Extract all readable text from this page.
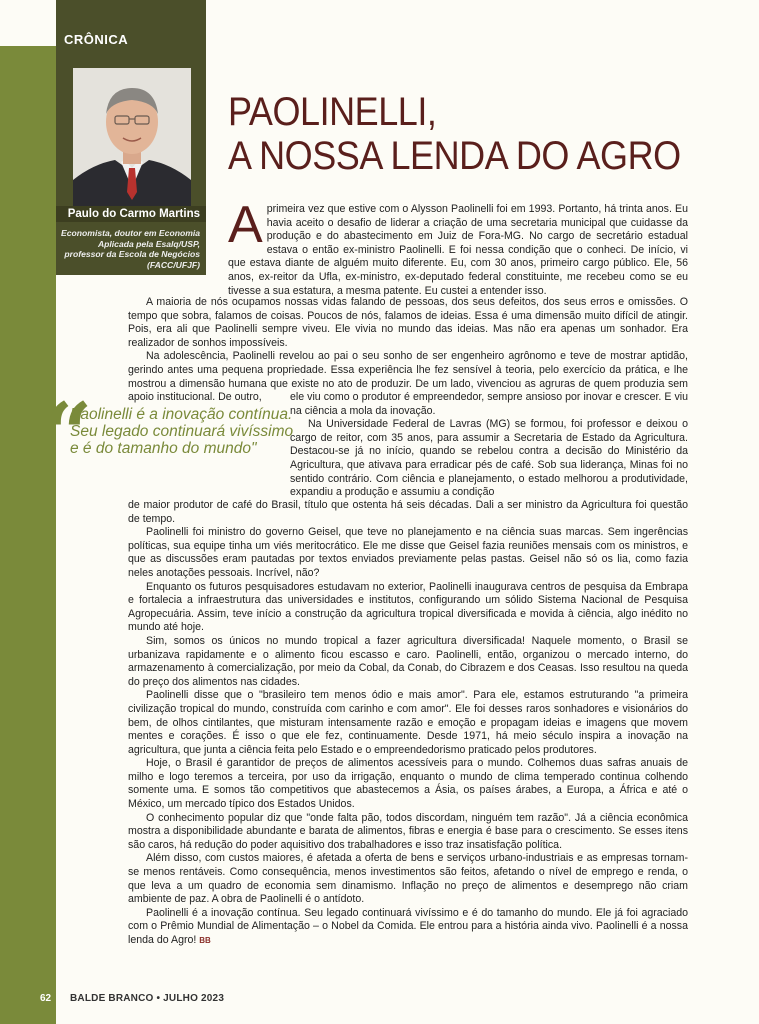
CRÔNICA
Paulo do Carmo Martins
Economista, doutor em Economia Aplicada pela Esalq/USP, professor da Escola de Negócios (FACC/UFJF)
PAOLINELLI,
A NOSSA LENDA DO AGRO

Aprimeira vez que estive com o Alysson Paolinelli foi em 1993. Portanto, há trinta anos. Eu havia aceito o desafio de liderar a criação de uma secretaria municipal que cuidasse da produção e do abastecimento em Juiz de Fora-MG. No cargo de secretário estadual estava o então ex-ministro Paolinelli. E foi nessa condição que o conheci. De início, vi que estava diante de alguém muito diferente. Eu, com 30 anos, primeiro cargo público. Ele, 56 anos, ex-reitor da Ufla, ex-ministro, ex-deputado federal constituinte, me recebeu como se eu tivesse a sua estatura, a mesma patente. Eu custei a entender isso.

A maioria de nós ocupamos nossas vidas falando de pessoas, dos seus defeitos, dos seus erros e omissões. O tempo que sobra, falamos de coisas. Poucos de nós, falamos de ideias. Essa é uma dimensão muito difícil de atingir. Pois, era ali que Paolinelli sempre viveu. Ele vivia no mundo das ideias. Mas não era apenas um sonhador. Era realizador de sonhos impossíveis.

Na adolescência, Paolinelli revelou ao pai o seu sonho de ser engenheiro agrônomo e teve de mostrar aptidão, gerindo antes uma pequena propriedade. Essa experiência lhe fez sensível à teoria, pelo exercício da prática, e lhe mostrou a dimensão humana que existe no ato de produzir. De um lado, vivenciou as agruras de quem produzia sem apoio institucional. De outro,	ele viu como o produtor é empreendedor, sempre ansioso por inovar e crescer. E viu na ciência a mola da inovação.

Na Universidade Federal de Lavras (MG) se formou, foi professor e deixou o cargo de reitor, com 35 anos, para assumir a Secretaria de Estado da Agricultura. Destacou-se já no início, quando se rebelou contra a decisão do Ministério da Agricultura, que ativava para erradicar pés de café. Sob sua liderança, Minas foi no sentido contrário. Com ciência e planejamento, o estado melhorou a produtividade, expandiu a produção e assumiu a condição

“
Paolinelli é a inovação contínua. Seu legado continuará vivíssimo e é do tamanho do mundo"

de maior produtor de café do Brasil, título que ostenta há seis décadas. Dali a ser ministro da Agricultura foi questão de tempo.

Paolinelli foi ministro do governo Geisel, que teve no planejamento e na ciência suas marcas. Sem ingerências políticas, sua equipe tinha um viés meritocrático. Ele me disse que Geisel fazia reuniões mensais com os ministros, e que as discussões eram pautadas por textos enviados previamente pelas pastas. Geisel não só os lia, como fazia neles anotações pessoais. Incrível, não?

Enquanto os futuros pesquisadores estudavam no exterior, Paolinelli inaugurava centros de pesquisa da Embrapa e fortalecia a infraestrutura das universidades e institutos, configurando um sólido Sistema Nacional de Pesquisa Agropecuária. Assim, teve início a construção da agricultura tropical diversificada e movida à ciência, algo inédito no mundo até hoje.

Sim, somos os únicos no mundo tropical a fazer agricultura diversificada! Naquele momento, o Brasil se urbanizava rapidamente e o alimento ficou escasso e caro. Paolinelli, então, organizou o mercado interno, do armazenamento à comercialização, por meio da Cobal, da Conab, do Cibrazem e dos Ceasas. Isso resultou na queda do preço dos alimentos nas cidades.

Paolinelli disse que o "brasileiro tem menos ódio e mais amor". Para ele, estamos estruturando "a primeira civilização tropical do mundo, construída com carinho e com amor". Ele foi desses raros sonhadores e visionários do bem, de olhos cintilantes, que misturam intensamente razão e emoção e propagam ideias e imagens que movem mentes e corações. É isso o que ele fez, continuamente. Desde 1971, há meio século inspira a inovação na agricultura, que junta a ciência feita pelo Estado e o empreendedorismo praticado pelos produtores.

Hoje, o Brasil é garantidor de preços de alimentos acessíveis para o mundo. Colhemos duas safras anuais de milho e logo teremos a terceira, por uso da irrigação, enquanto o mundo de clima temperado continua colhendo somente uma. E somos tão competitivos que abastecemos a Ásia, os países árabes, a Europa, a África e até o México, um mercado típico dos Estados Unidos.

O conhecimento popular diz que "onde falta pão, todos discordam, ninguém tem razão". Já a ciência econômica mostra a disponibilidade abundante e barata de alimentos, fibras e energia é base para o crescimento. Se esses itens são caros, há redução do poder aquisitivo dos trabalhadores e isso traz insatisfação política.

Além disso, com custos maiores, é afetada a oferta de bens e serviços urbano-industriais e as empresas tornam-se menos rentáveis. Como consequência, menos investimentos são feitos, afetando o nível de emprego e renda, o que leva a um quadro de economia sem dinamismo. Inflação no preço de alimentos e desemprego não criam ambiente de paz. A obra de Paolinelli é o antídoto.

Paolinelli é a inovação contínua. Seu legado continuará vivíssimo e é do tamanho do mundo. Ele já foi agraciado com o Prêmio Mundial de Alimentação – o Nobel da Comida. Ele entrou para a história ainda vivo. Paolinelli é a nossa lenda do Agro! BB

62 BALDE BRANCO • JULHO 2023
